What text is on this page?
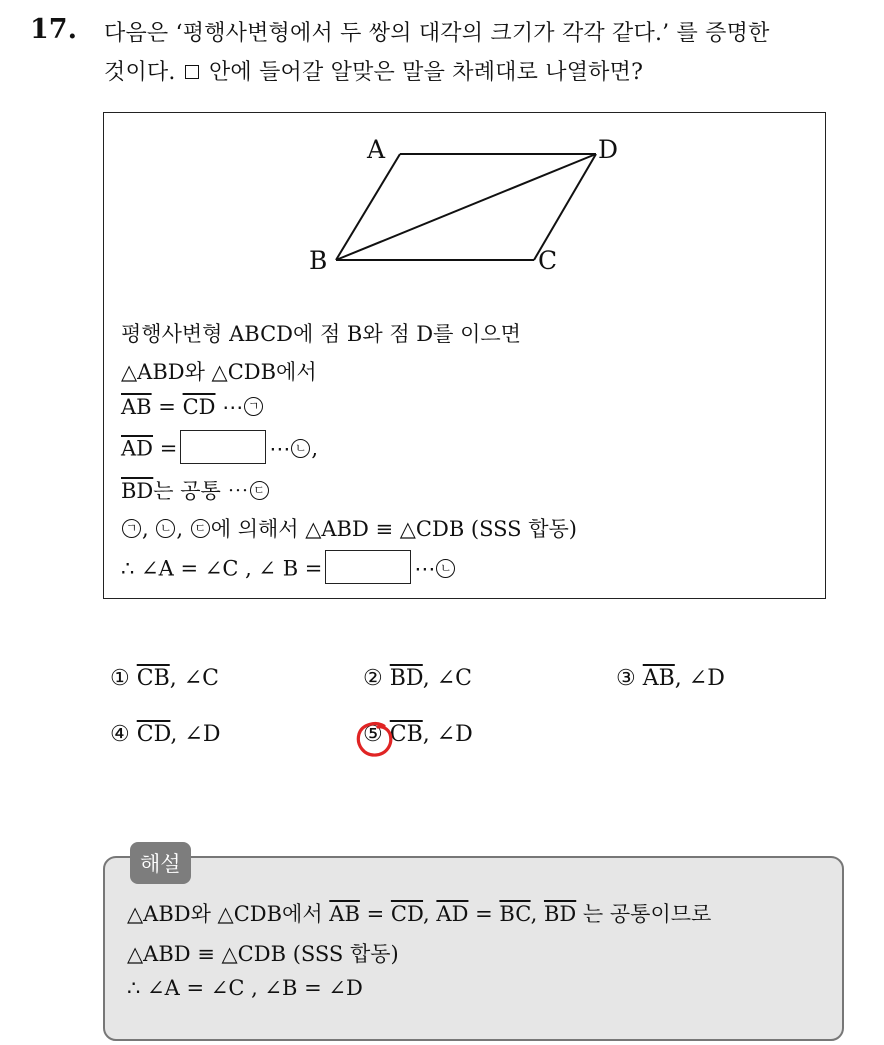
17. 다음은 ‘평행사변형에서 두 쌍의 대각의 크기가 각각 같다.’ 를 증명한
것이다. 안에 들어갈 알맞은 말을 차례대로 나열하면?
A	D
B	C
평행사변형 ABCD에 점 B와 점 D를 이으면
△ABD와 △CDB에서
$\overline{AB} = \overline{CD}$ ⋯ ㄱ
$\overline{AD}$ =	⋯ ㄴ ,
$\overline{BD}$는 공통 ⋯ ㄷ
ㄱ , ㄴ , ㄷ 에 의해서 △ABD ≡ △CDB (SSS 합동)
∴ ∠A = ∠C , ∠ B =	⋯ ㄴ
① $\overline{CB}$, ∠C	② $\overline{BD}$, ∠C	③ $\overline{AB}$, ∠D
④ $\overline{CD}$, ∠D	⑤ $\overline{CB}$, ∠D
해설
△ABD와 △CDB에서 $\overline{AB} = \overline{CD}$, $\overline{AD} = \overline{BC}$, $\overline{BD}$ 는 공통이므로
△ABD ≡ △CDB (SSS 합동)
∴ ∠A = ∠C , ∠B = ∠D
